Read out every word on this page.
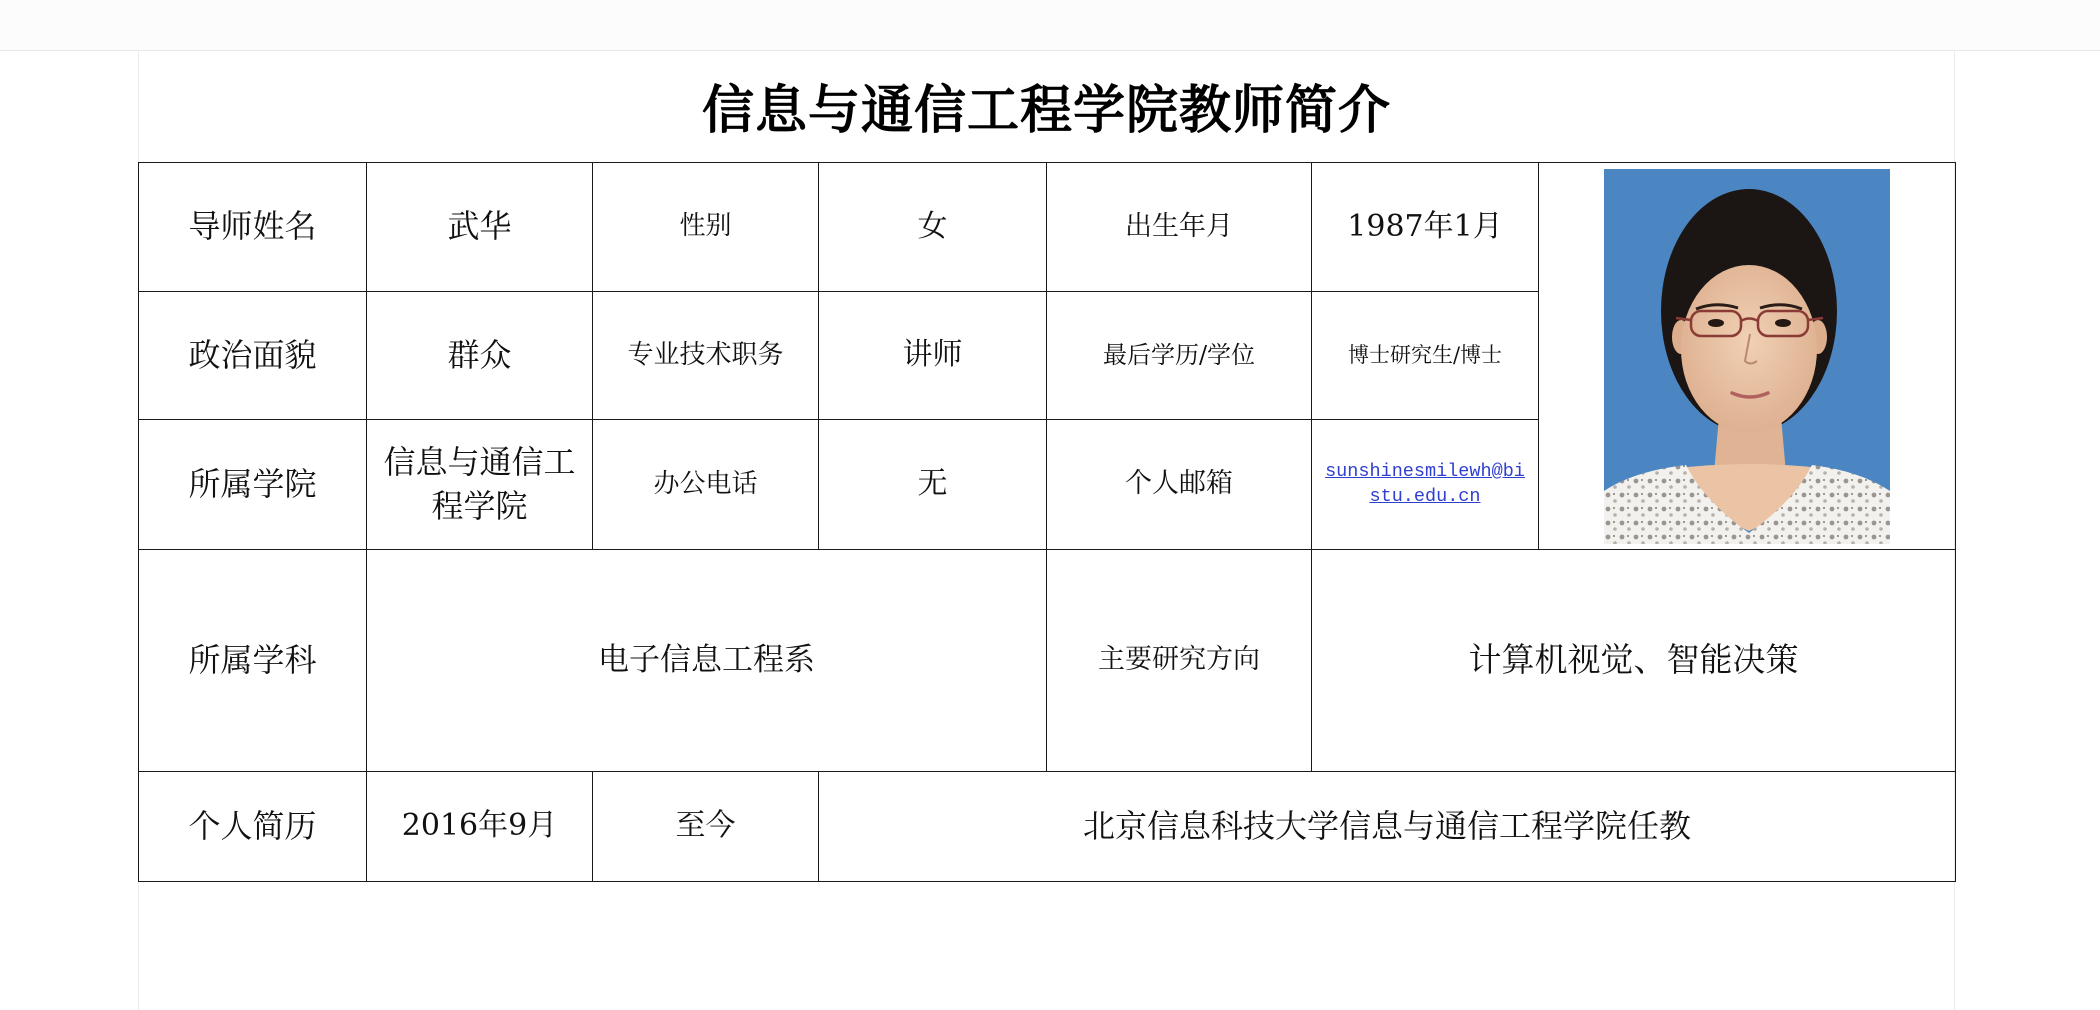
信息与通信工程学院教师简介
导师姓名	武华	性别	女	出生年月	1987年1月	

政治面貌	群众	专业技术职务	讲师	最后学历/学位	博士研究生/博士	
所属学院	信息与通信工程学院	办公电话	无	个人邮箱	sunshinesmilewh@bistu.edu.cn	
所属学科	电子信息工程系			主要研究方向	计算机视觉、智能决策	
个人简历	2016年9月	至今	北京信息科技大学信息与通信工程学院任教			
